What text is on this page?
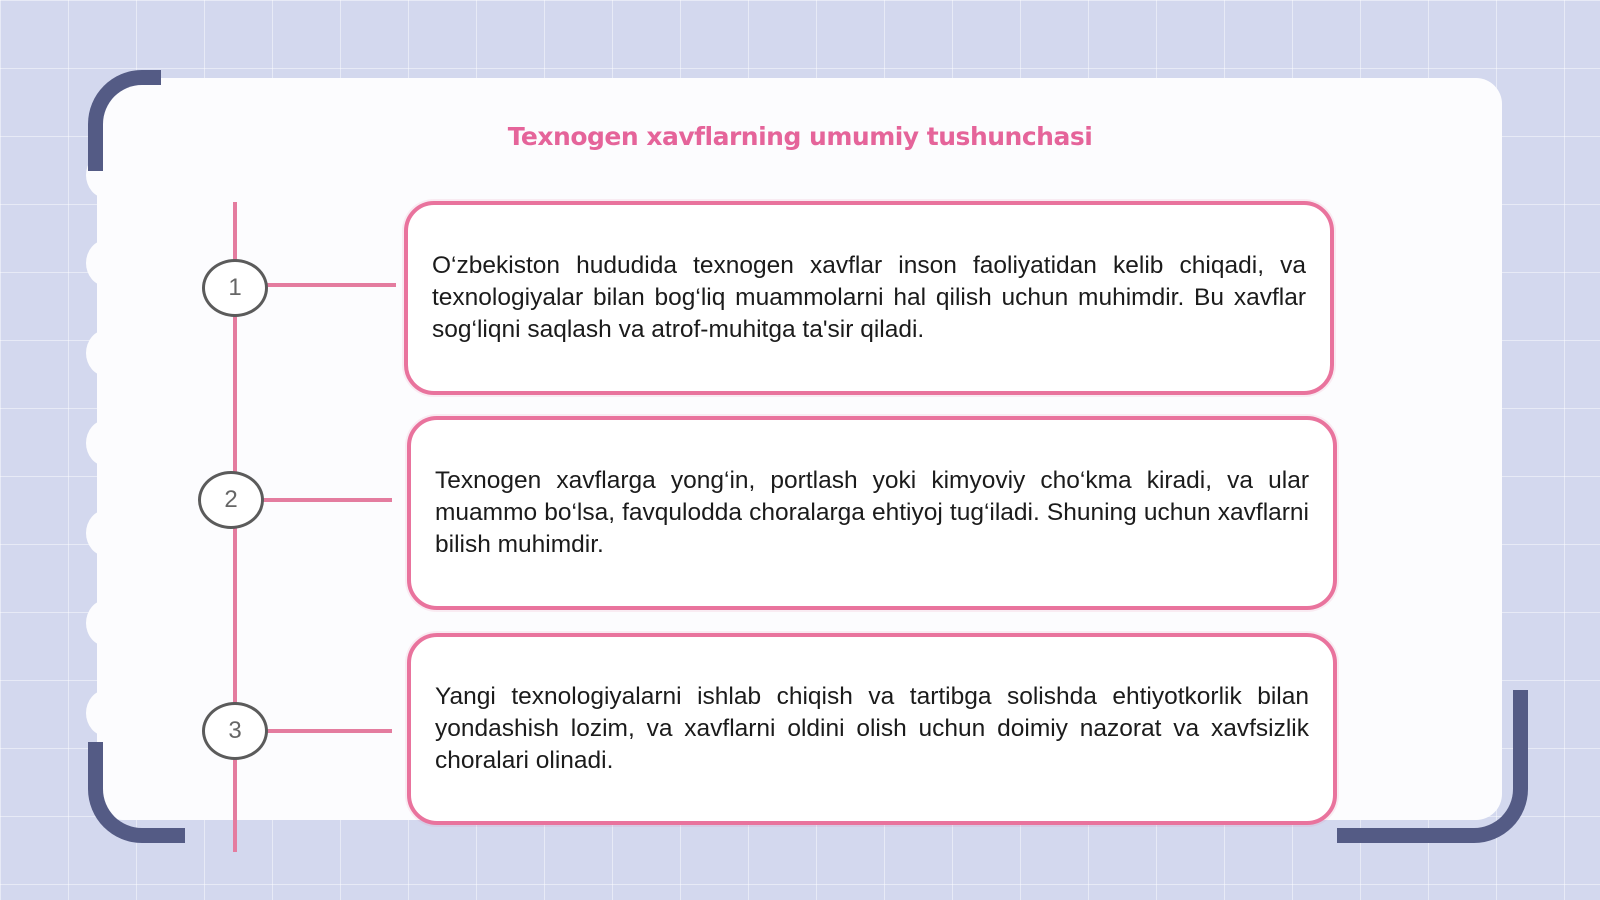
Texnogen xavflarning umumiy tushunchasi
1
2
3

O‘zbekiston hududida texnogen xavflar inson faoliyatidan kelib chiqadi, va texnologiyalar bilan bog‘liq muammolarni hal qilish uchun muhimdir. Bu xavflar sog‘liqni saqlash va atrof-muhitga ta'sir qiladi.

Texnogen xavflarga yong‘in, portlash yoki kimyoviy cho‘kma kiradi, va ular muammo bo‘lsa, favqulodda choralarga ehtiyoj tug‘iladi. Shuning uchun xavflarni bilish muhimdir.

Yangi texnologiyalarni ishlab chiqish va tartibga solishda ehtiyotkorlik bilan yondashish lozim, va xavflarni oldini olish uchun doimiy nazorat va xavfsizlik choralari olinadi.
